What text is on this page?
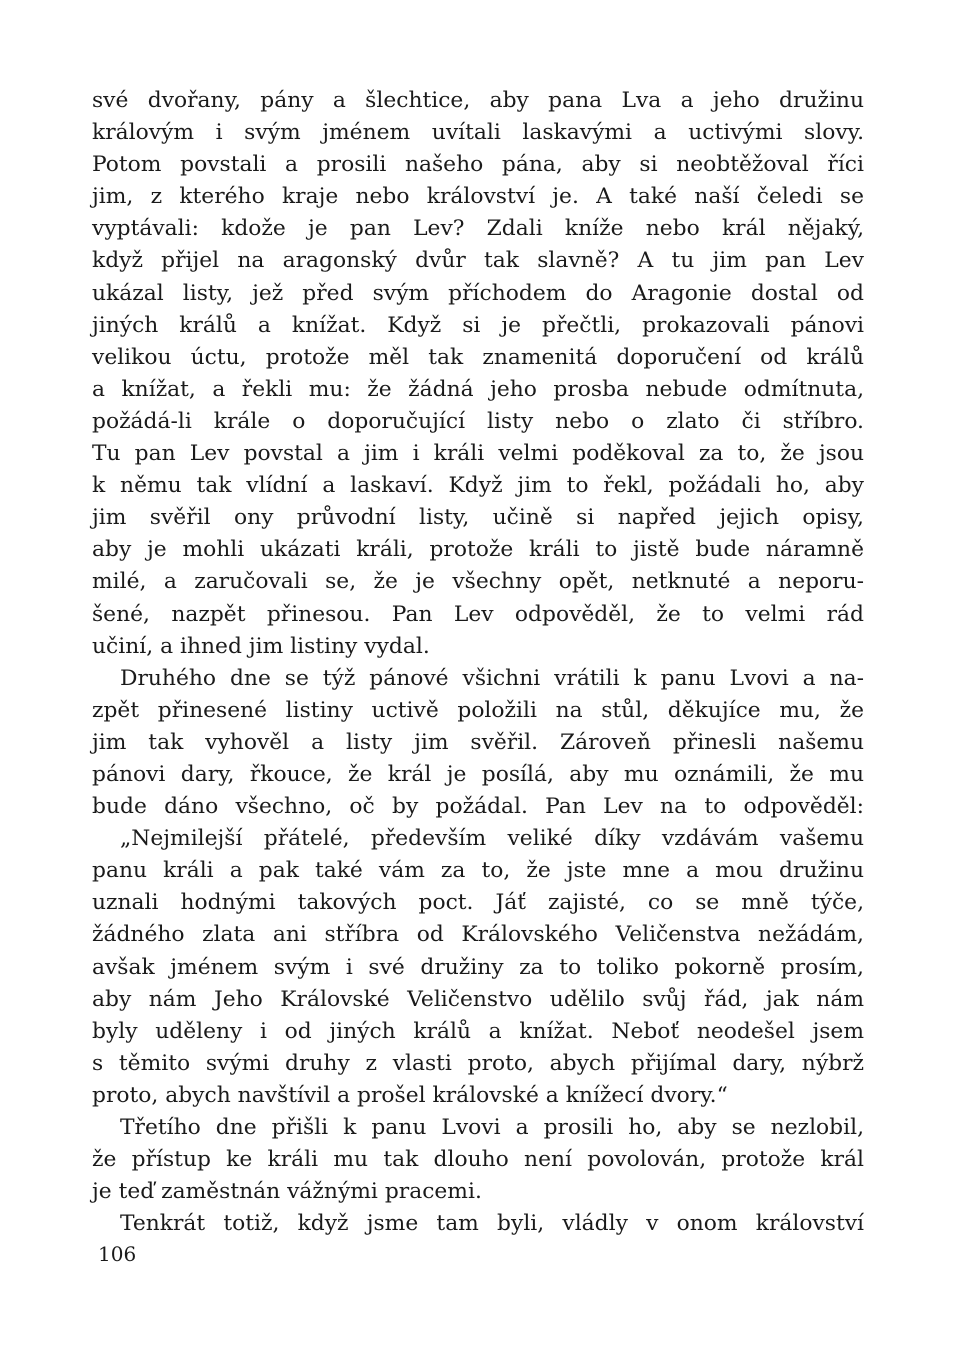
své dvořany, pány a šlechtice, aby pana Lva a jeho družinu
královým i svým jménem uvítali laskavými a uctivými slovy.
Potom povstali a prosili našeho pána, aby si neobtěžoval říci
jim, z kterého kraje nebo království je. A také naší čeledi se
vyptávali: kdože je pan Lev? Zdali kníže nebo král nějaký,
když přijel na aragonský dvůr tak slavně? A tu jim pan Lev
ukázal listy, jež před svým příchodem do Aragonie dostal od
jiných králů a knížat. Když si je přečtli, prokazovali pánovi
velikou úctu, protože měl tak znamenitá doporučení od králů
a knížat, a řekli mu: že žádná jeho prosba nebude odmítnuta,
požádá-li krále o doporučující listy nebo o zlato či stříbro.
Tu pan Lev povstal a jim i králi velmi poděkoval za to, že jsou
k němu tak vlídní a laskaví. Když jim to řekl, požádali ho, aby
jim svěřil ony průvodní listy, učině si napřed jejich opisy,
aby je mohli ukázati králi, protože králi to jistě bude náramně
milé, a zaručovali se, že je všechny opět, netknuté a neporu-
šené, nazpět přinesou. Pan Lev odpověděl, že to velmi rád
učiní, a ihned jim listiny vydal.
Druhého dne se týž pánové všichni vrátili k panu Lvovi a na-
zpět přinesené listiny uctivě položili na stůl, děkujíce mu, že
jim tak vyhověl a listy jim svěřil. Zároveň přinesli našemu
pánovi dary, řkouce, že král je posílá, aby mu oznámili, že mu
bude dáno všechno, oč by požádal. Pan Lev na to odpověděl:
„Nejmilejší přátelé, především veliké díky vzdávám vašemu
panu králi a pak také vám za to, že jste mne a mou družinu
uznali hodnými takových poct. Jáť zajisté, co se mně týče,
žádného zlata ani stříbra od Královského Veličenstva nežádám,
avšak jménem svým i své družiny za to toliko pokorně prosím,
aby nám Jeho Královské Veličenstvo udělilo svůj řád, jak nám
byly uděleny i od jiných králů a knížat. Neboť neodešel jsem
s těmito svými druhy z vlasti proto, abych přijímal dary, nýbrž
proto, abych navštívil a prošel královské a knížecí dvory.“
Třetího dne přišli k panu Lvovi a prosili ho, aby se nezlobil,
že přístup ke králi mu tak dlouho není povolován, protože král
je teď zaměstnán vážnými pracemi.
Tenkrát totiž, když jsme tam byli, vládly v onom království
106
